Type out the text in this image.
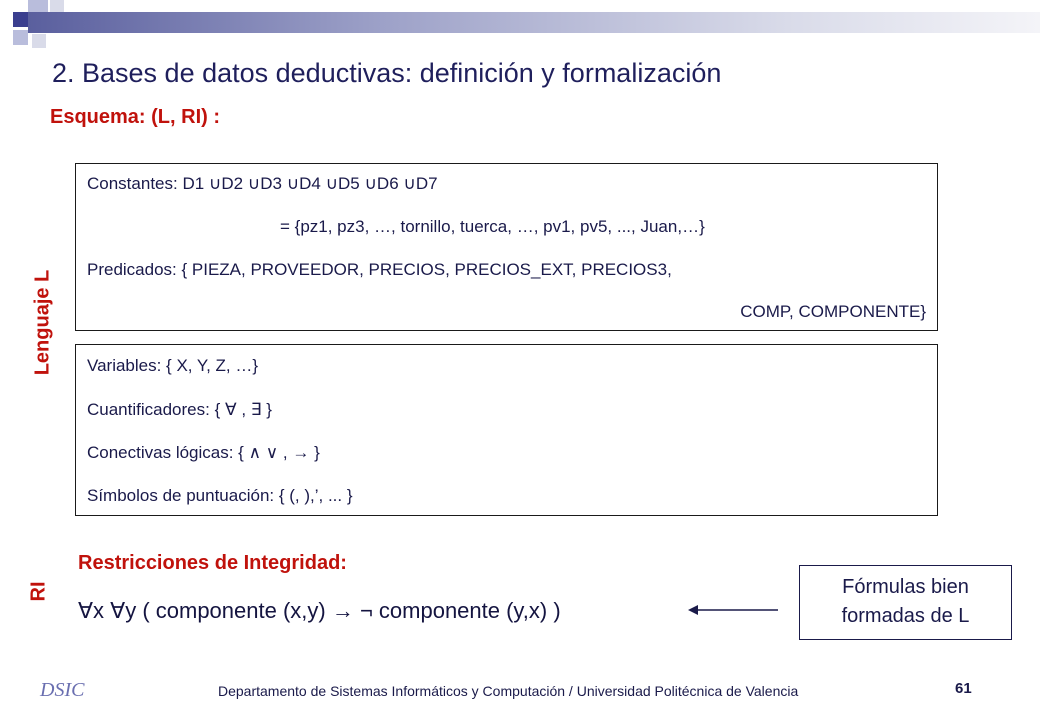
2. Bases de datos deductivas: definición y formalización
Esquema: (L, RI) :
Lenguaje L
RI
Constantes: D1 ∪D2 ∪D3 ∪D4 ∪D5 ∪D6 ∪D7
= {pz1, pz3, …, tornillo, tuerca, …, pv1, pv5, ..., Juan,…}
Predicados: { PIEZA, PROVEEDOR, PRECIOS, PRECIOS_EXT, PRECIOS3,
COMP, COMPONENTE}
Variables: { X, Y, Z, …}
Cuantificadores: { ∀ , ∃ }
Conectivas lógicas: { ∧ ∨ , → }
Símbolos de puntuación: { (, ),’, ... }
Restricciones de Integridad:
∀x ∀y ( componente (x,y) → ¬ componente (y,x) )
Fórmulas bien
formadas de L
DSIC	Departamento de Sistemas Informáticos y Computación / Universidad Politécnica de Valencia	61
